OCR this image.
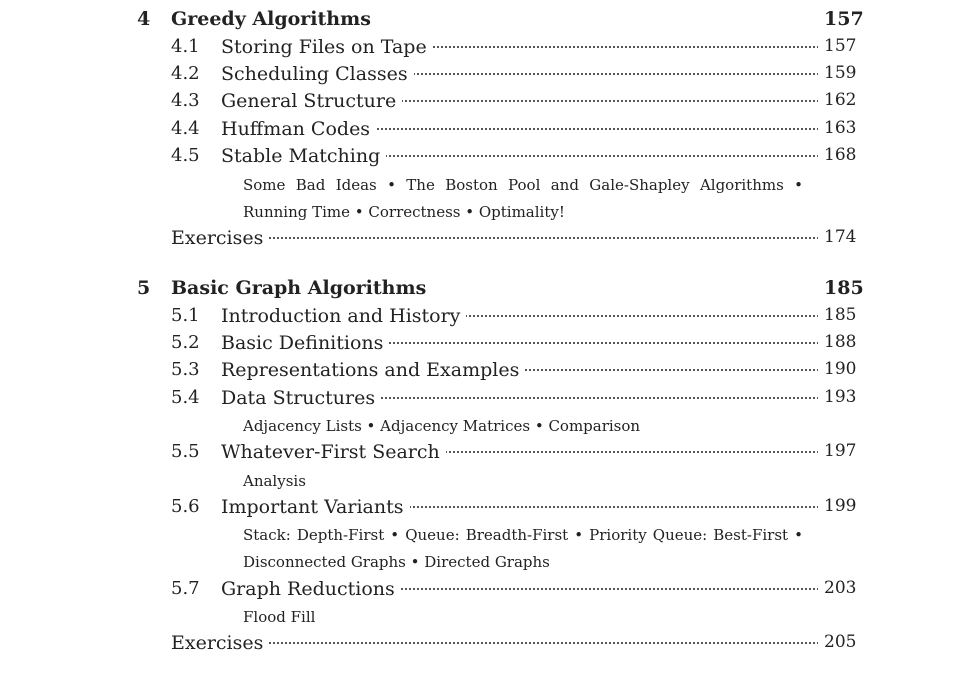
4 Greedy Algorithms	157
4.1 Storing Files on Tape	157
4.2 Scheduling Classes	159
4.3 General Structure	162
4.4 Huffman Codes	163
4.5 Stable Matching	168
Some Bad Ideas • The Boston Pool and Gale-Shapley Algorithms • Running Time • Correctness • Optimality!
Exercises	174
5 Basic Graph Algorithms	185
5.1 Introduction and History	185
5.2 Basic Definitions	188
5.3 Representations and Examples	190
5.4 Data Structures	193
Adjacency Lists • Adjacency Matrices • Comparison
5.5 Whatever-First Search	197
Analysis
5.6 Important Variants	199
Stack: Depth-First • Queue: Breadth-First • Priority Queue: Best-First • Disconnected Graphs • Directed Graphs
5.7 Graph Reductions	203
Flood Fill
Exercises	205
